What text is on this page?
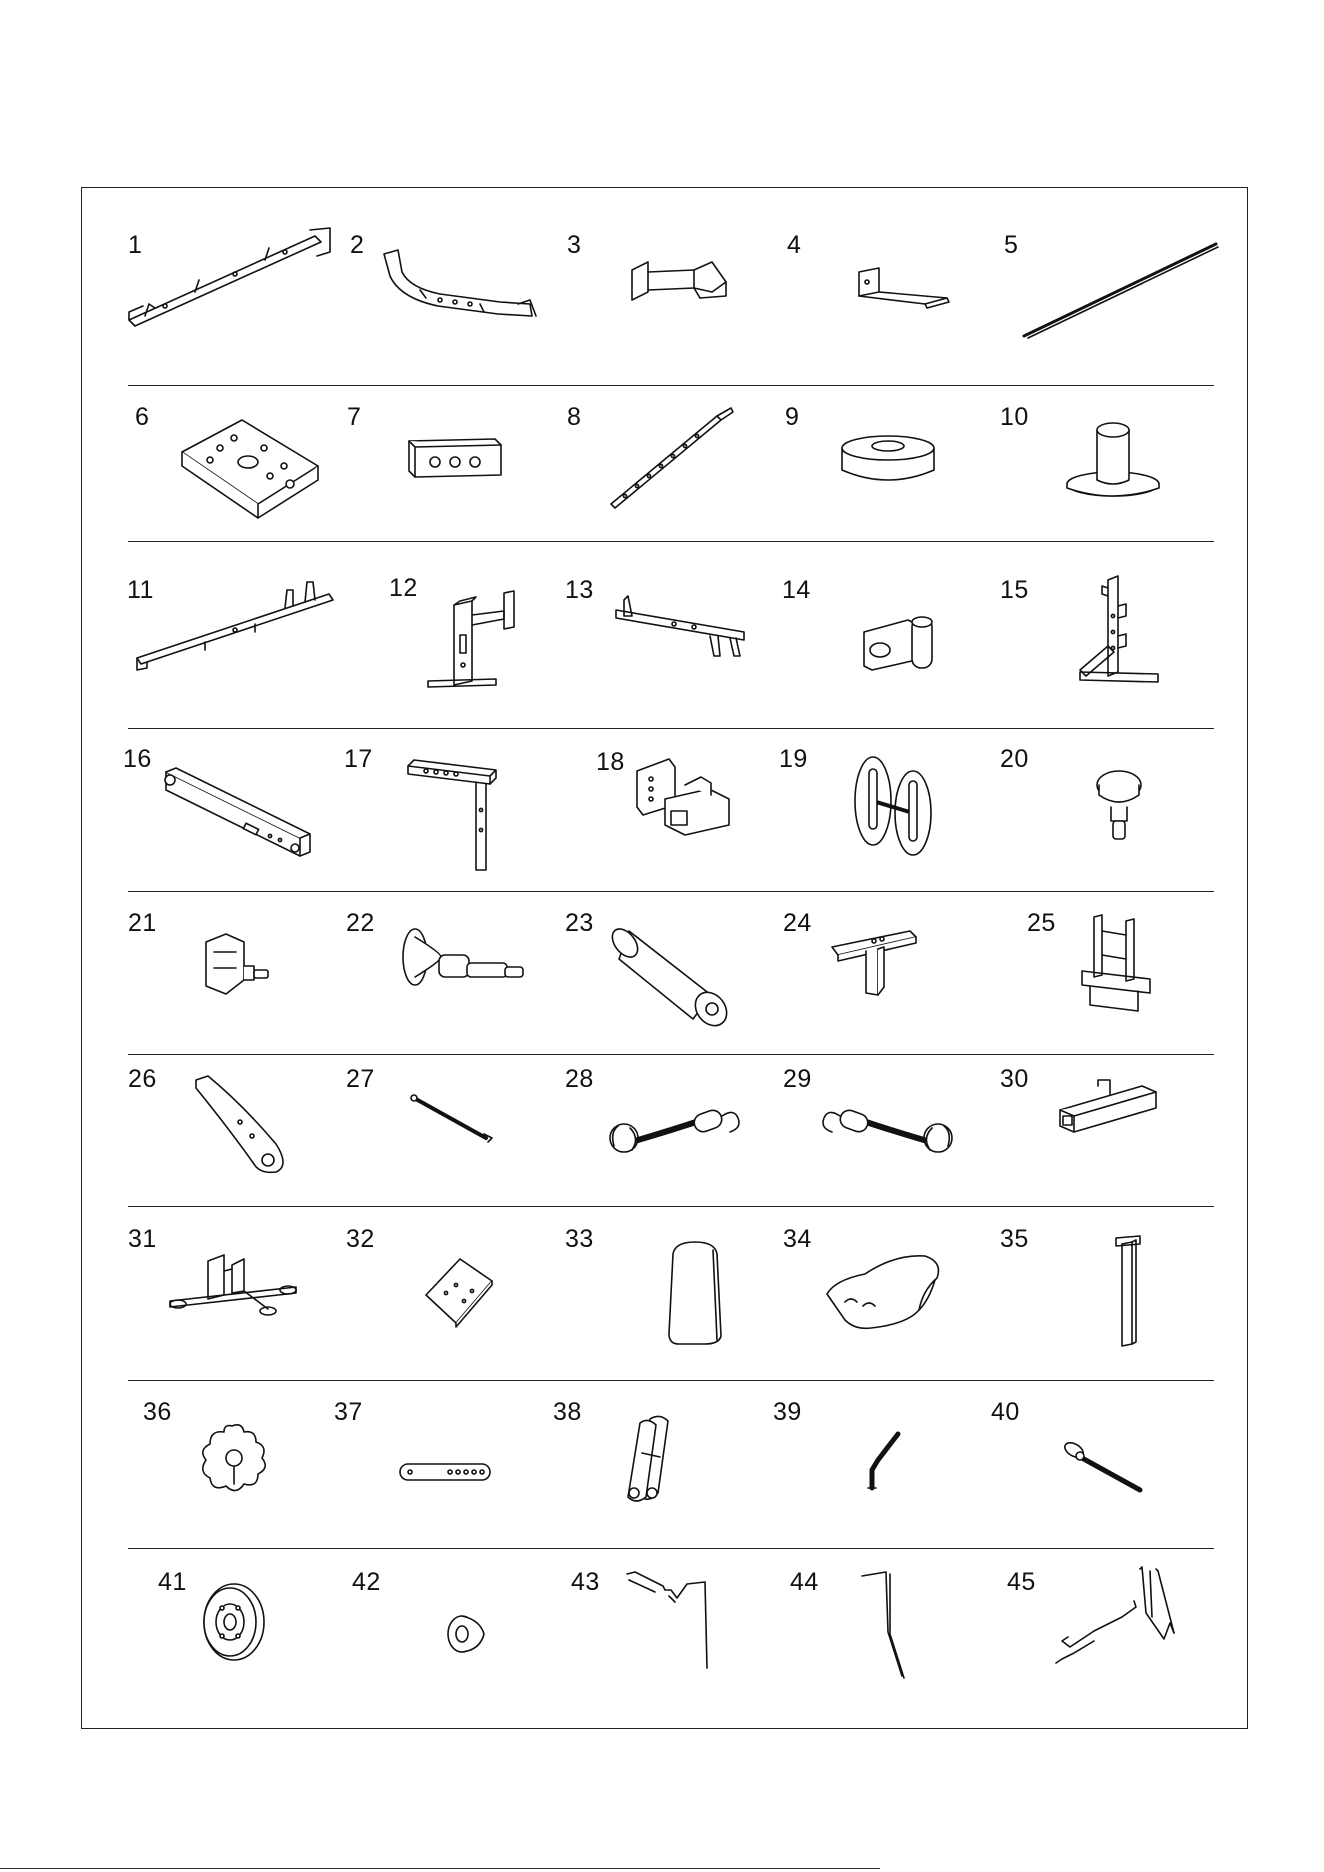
1	2	3	4	5
6	7	8	9	10
11	12	13	14	15
16	17	18	19	20
21	22	23	24	25
26	27	28	29	30
31	32	33	34	35
36	37	38	39	40
41	42	43	44	45
